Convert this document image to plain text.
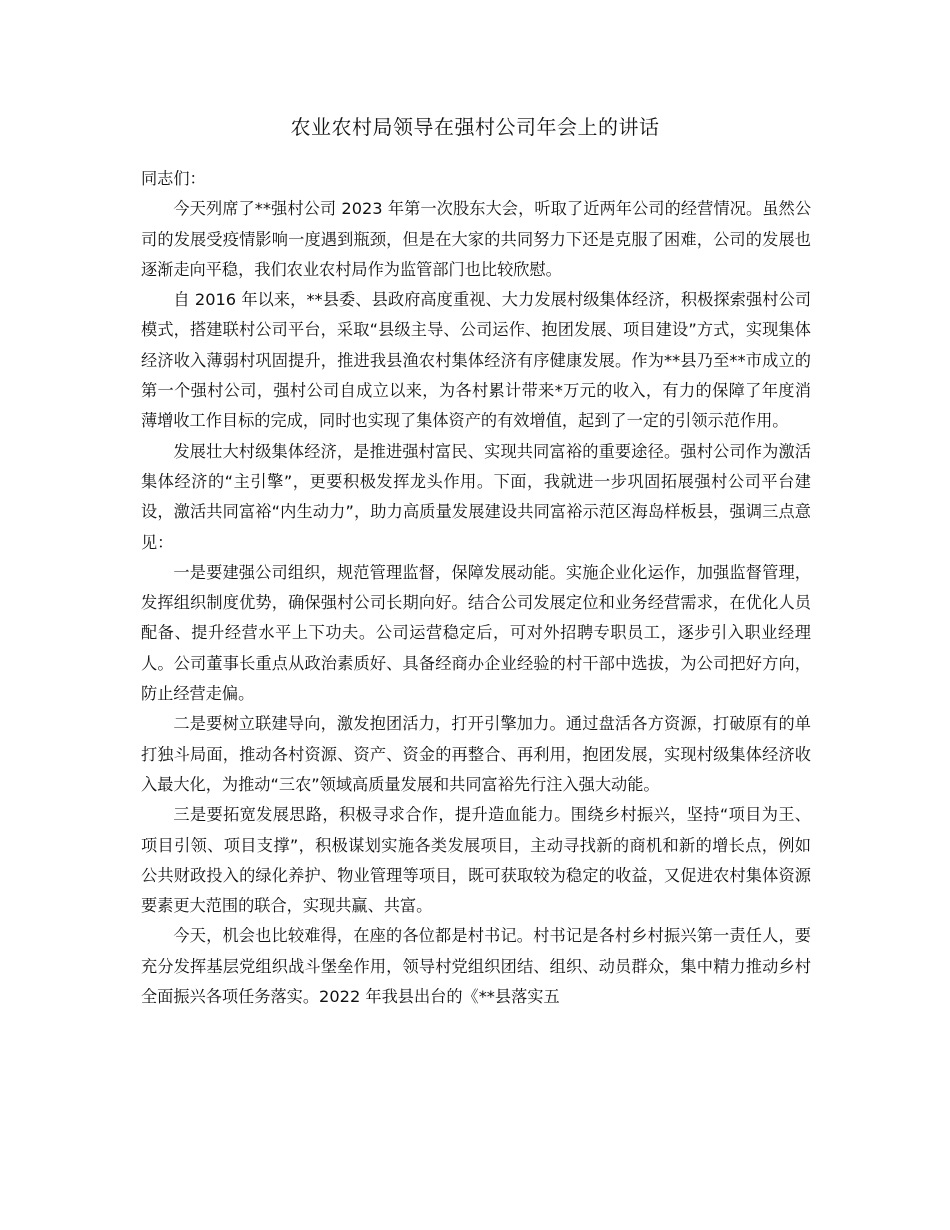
农业农村局领导在强村公司年会上的讲话

同志们：

今天列席了**强村公司 2023 年第一次股东大会，听取了近两年公司的经营情况。虽然公司的发展受疫情影响一度遇到瓶颈，但是在大家的共同努力下还是克服了困难，公司的发展也逐渐走向平稳，我们农业农村局作为监管部门也比较欣慰。

自 2016 年以来，**县委、县政府高度重视、大力发展村级集体经济，积极探索强村公司模式，搭建联村公司平台，采取“县级主导、公司运作、抱团发展、项目建设”方式，实现集体经济收入薄弱村巩固提升，推进我县渔农村集体经济有序健康发展。作为**县乃至**市成立的第一个强村公司，强村公司自成立以来，为各村累计带来*万元的收入，有力的保障了年度消薄增收工作目标的完成，同时也实现了集体资产的有效增值，起到了一定的引领示范作用。

发展壮大村级集体经济，是推进强村富民、实现共同富裕的重要途径。强村公司作为激活集体经济的“主引擎”，更要积极发挥龙头作用。下面，我就进一步巩固拓展强村公司平台建设，激活共同富裕“内生动力”，助力高质量发展建设共同富裕示范区海岛样板县，强调三点意见：

一是要建强公司组织，规范管理监督，保障发展动能。实施企业化运作，加强监督管理，发挥组织制度优势，确保强村公司长期向好。结合公司发展定位和业务经营需求，在优化人员配备、提升经营水平上下功夫。公司运营稳定后，可对外招聘专职员工，逐步引入职业经理人。公司董事长重点从政治素质好、具备经商办企业经验的村干部中选拔，为公司把好方向，防止经营走偏。

二是要树立联建导向，激发抱团活力，打开引擎加力。通过盘活各方资源，打破原有的单打独斗局面，推动各村资源、资产、资金的再整合、再利用，抱团发展，实现村级集体经济收入最大化，为推动“三农”领域高质量发展和共同富裕先行注入强大动能。

三是要拓宽发展思路，积极寻求合作，提升造血能力。围绕乡村振兴，坚持“项目为王、项目引领、项目支撑”，积极谋划实施各类发展项目，主动寻找新的商机和新的增长点，例如公共财政投入的绿化养护、物业管理等项目，既可获取较为稳定的收益，又促进农村集体资源要素更大范围的联合，实现共赢、共富。

今天，机会也比较难得，在座的各位都是村书记。村书记是各村乡村振兴第一责任人，要充分发挥基层党组织战斗堡垒作用，领导村党组织团结、组织、动员群众，集中精力推动乡村全面振兴各项任务落实。2022 年我县出台的《**县落实五
